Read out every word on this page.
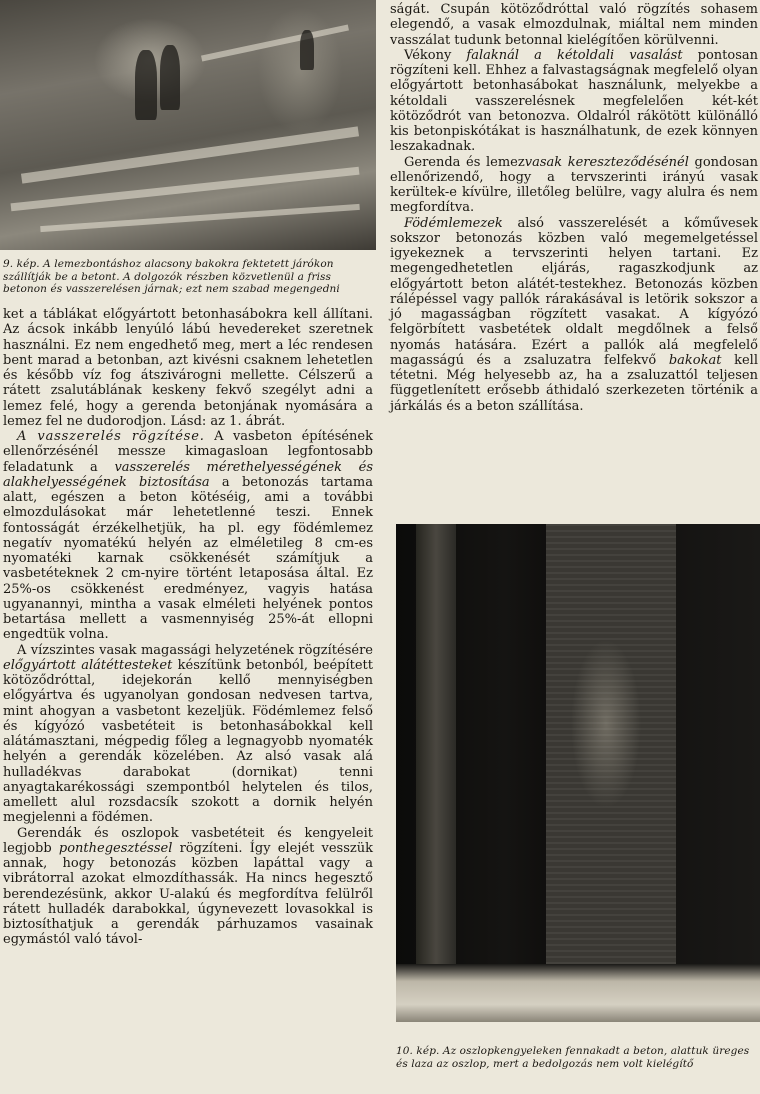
9. kép. A lemezbontáshoz alacsony bakokra fektetett járókon szállítják be a betont. A dolgozók részben közvetlenül a friss betonon és vasszerelésen járnak; ezt nem szabad megengedni

ket a táblákat előgyártott betonhasábokra kell állítani. Az ácsok inkább lenyúló lábú hevedereket szeretnek használni. Ez nem engedhető meg, mert a léc rendesen bent marad a betonban, azt kivésni csaknem lehetetlen és később víz fog átszivárogni mellette. Célszerű a rátett zsalutáblának keskeny fekvő szegélyt adni a lemez felé, hogy a gerenda betonjának nyomására a lemez fel ne dudorodjon. Lásd: az 1. ábrát.

A vasszerelés rögzítése. A vasbeton építésének ellenőrzésénél messze kimagasloan legfontosabb feladatunk a vasszerelés mérethelyességének és alakhelyességének biztosítása a betonozás tartama alatt, egészen a beton kötéséig, ami a további elmozdulásokat már lehetetlenné teszi. Ennek fontosságát érzékelhetjük, ha pl. egy födémlemez negatív nyomatékú helyén az elméletileg 8 cm-es nyomatéki karnak csökkenését számítjuk a vasbetéteknek 2 cm-nyire történt letaposása által. Ez 25%-os csökkenést eredményez, vagyis hatása ugyanannyi, mintha a vasak elméleti helyének pontos betartása mellett a vasmennyiség 25%-át ellopni engedtük volna.

A vízszintes vasak magassági helyzetének rögzítésére előgyártott alátéttesteket készítünk betonból, beépített kötöződróttal, idejekorán kellő mennyiségben előgyártva és ugyanolyan gondosan nedvesen tartva, mint ahogyan a vasbetont kezeljük. Födémlemez felső és kígyózó vasbetéteit is betonhasábokkal kell alátámasztani, mégpedig főleg a legnagyobb nyomaték helyén a gerendák közelében. Az alsó vasak alá hulladékvas darabokat (dornikat) tenni anyagtakarékossági szempontból helytelen és tilos, amellett alul rozsdacsík szokott a dornik helyén megjelenni a födémen.

Gerendák és oszlopok vasbetéteit és kengyeleit legjobb ponthegesztéssel rögzíteni. Így elejét vesszük annak, hogy betonozás közben lapáttal vagy a vibrátorral azokat elmozdíthassák. Ha nincs hegesztő berendezésünk, akkor U-alakú és megfordítva felülről rátett hulladék darabokkal, úgynevezett lovasokkal is biztosíthatjuk a gerendák párhuzamos vasainak egymástól való távol-

ságát. Csupán kötöződróttal való rögzítés sohasem elegendő, a vasak elmozdulnak, miáltal nem minden vasszálat tudunk betonnal kielégítően körülvenni.

Vékony falaknál a kétoldali vasalást pontosan rögzíteni kell. Ehhez a falvastagságnak megfelelő olyan előgyártott betonhasábokat használunk, melyekbe a kétoldali vasszerelésnek megfelelően két-két kötöződrót van betonozva. Oldalról rákötött különálló kis betonpiskótákat is használhatunk, de ezek könnyen leszakadnak.

Gerenda és lemezvasak kereszteződésénél gondosan ellenőrizendő, hogy a tervszerinti irányú vasak kerültek-e kívülre, illetőleg belülre, vagy alulra és nem megfordítva.

Födémlemezek alsó vasszerelését a kőművesek sokszor betonozás közben való megemelgetéssel igyekeznek a tervszerinti helyen tartani. Ez megengedhetetlen eljárás, ragaszkodjunk az előgyártott beton alátét-testekhez. Betonozás közben rálépéssel vagy pallók rárakásával is letörik sokszor a jó magasságban rögzített vasakat. A kígyózó felgörbített vasbetétek oldalt megdőlnek a felső nyomás hatására. Ezért a pallók alá megfelelő magasságú és a zsaluzatra felfekvő bakokat kell tétetni. Még helyesebb az, ha a zsaluzattól teljesen függetlenített erősebb áthidaló szerkezeten történik a járkálás és a beton szállítása.

10. kép. Az oszlopkengyeleken fennakadt a beton, alattuk üreges és laza az oszlop, mert a bedolgozás nem volt kielégítő
